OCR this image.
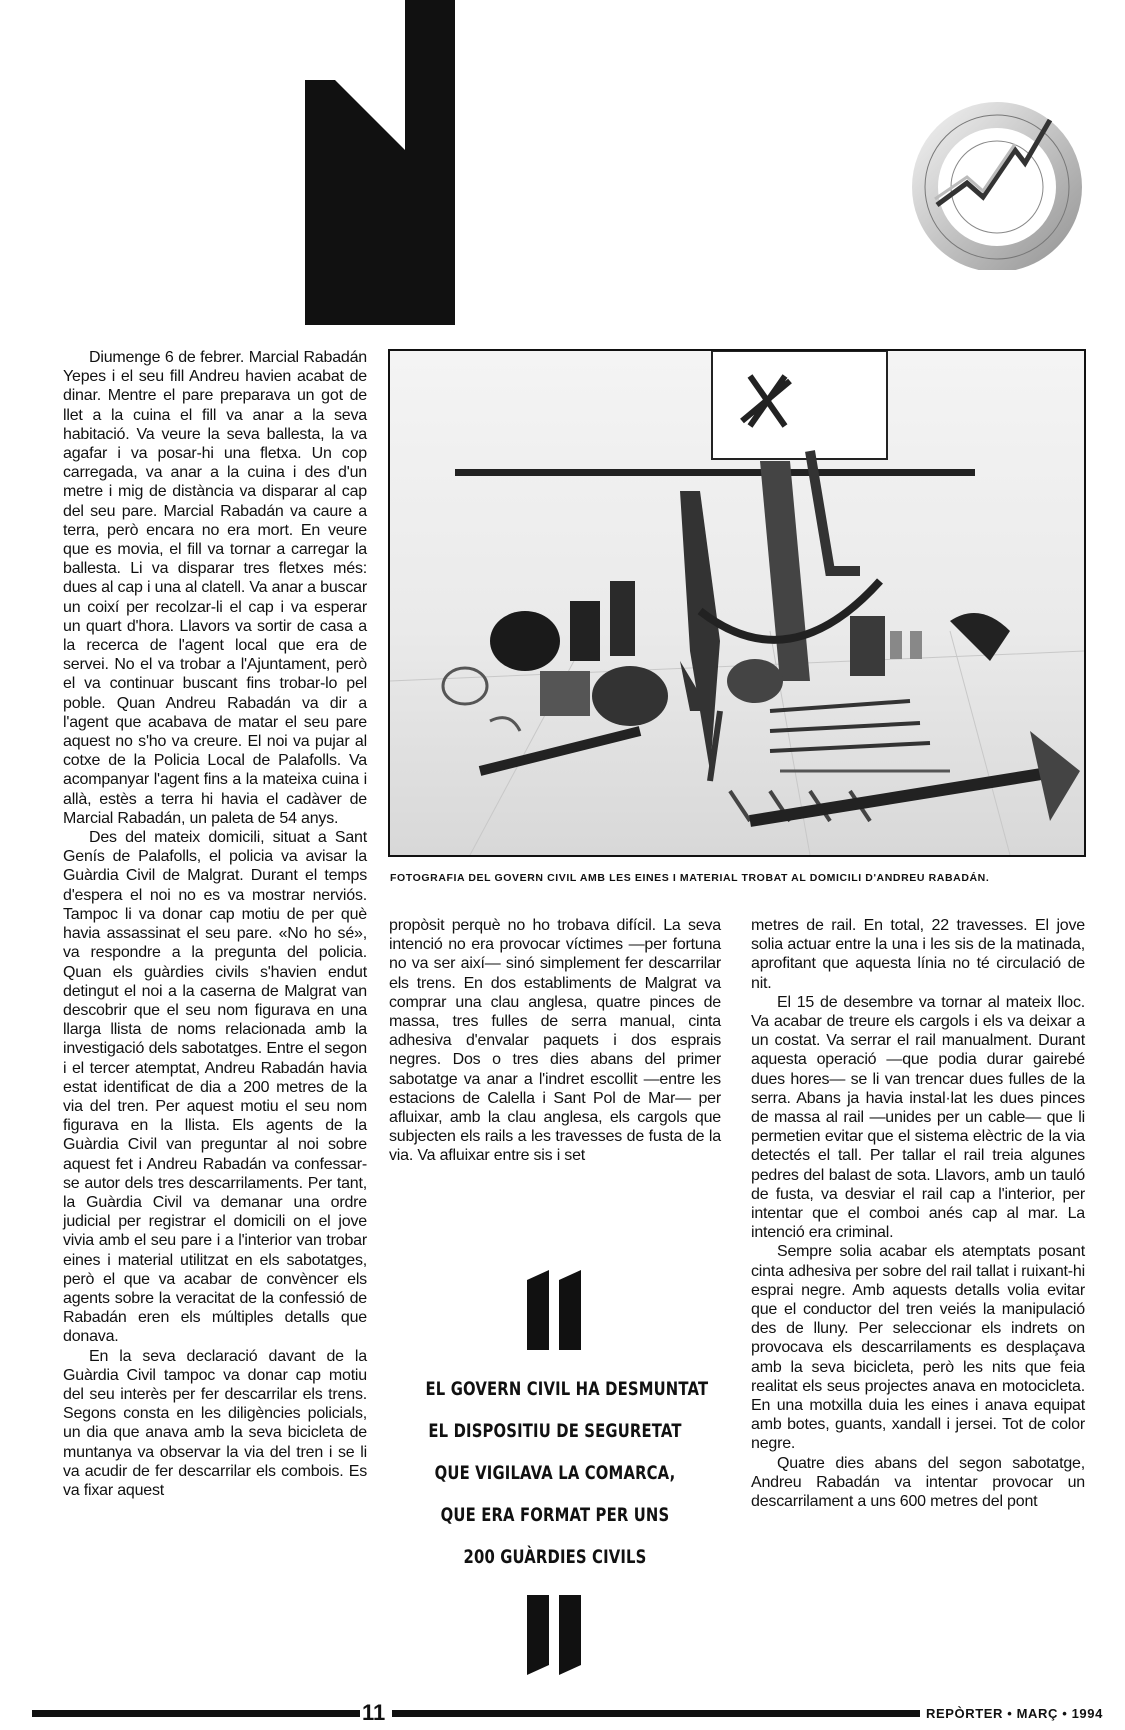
FOTOGRAFIA DEL GOVERN CIVIL AMB LES EINES I MATERIAL TROBAT AL DOMICILI D'ANDREU RABADÁN.

Diumenge 6 de febrer. Marcial Rabadán Yepes i el seu fill Andreu havien acabat de dinar. Mentre el pare preparava un got de llet a la cuina el fill va anar a la seva habitació. Va veure la seva ballesta, la va agafar i va posar-hi una fletxa. Un cop carregada, va anar a la cuina i des d'un metre i mig de distància va disparar al cap del seu pare. Marcial Rabadán va caure a terra, però encara no era mort. En veure que es movia, el fill va tornar a carregar la ballesta. Li va disparar tres fletxes més: dues al cap i una al clatell. Va anar a buscar un coixí per recolzar-li el cap i va esperar un quart d'hora. Llavors va sortir de casa a la recerca de l'agent local que era de servei. No el va trobar a l'Ajuntament, però el va continuar buscant fins trobar-lo pel poble. Quan Andreu Rabadán va dir a l'agent que acabava de matar el seu pare aquest no s'ho va creure. El noi va pujar al cotxe de la Policia Local de Palafolls. Va acompanyar l'agent fins a la mateixa cuina i allà, estès a terra hi havia el cadàver de Marcial Rabadán, un paleta de 54 anys.

Des del mateix domicili, situat a Sant Genís de Palafolls, el policia va avisar la Guàrdia Civil de Malgrat. Durant el temps d'espera el noi no es va mostrar nerviós. Tampoc li va donar cap motiu de per què havia assassinat el seu pare. «No ho sé», va respondre a la pregunta del policia. Quan els guàrdies civils s'havien endut detingut el noi a la caserna de Malgrat van descobrir que el seu nom figurava en una llarga llista de noms relacionada amb la investigació dels sabotatges. Entre el segon i el tercer atemptat, Andreu Rabadán havia estat identificat de dia a 200 metres de la via del tren. Per aquest motiu el seu nom figurava en la llista. Els agents de la Guàrdia Civil van preguntar al noi sobre aquest fet i Andreu Rabadán va confessar-se autor dels tres descarrilaments. Per tant, la Guàrdia Civil va demanar una ordre judicial per registrar el domicili on el jove vivia amb el seu pare i a l'interior van trobar eines i material utilitzat en els sabotatges, però el que va acabar de convèncer els agents sobre la veracitat de la confessió de Rabadán eren els múltiples detalls que donava.

En la seva declaració davant de la Guàrdia Civil tampoc va donar cap motiu del seu interès per fer descarrilar els trens. Segons consta en les diligències policials, un dia que anava amb la seva bicicleta de muntanya va observar la via del tren i se li va acudir de fer descarrilar els combois. Es va fixar aquest

propòsit perquè no ho trobava difícil. La seva intenció no era provocar víctimes —per fortuna no va ser així— sinó simplement fer descarrilar els trens. En dos establiments de Malgrat va comprar una clau anglesa, quatre pinces de massa, tres fulles de serra manual, cinta adhesiva d'envalar paquets i dos esprais negres. Dos o tres dies abans del primer sabotatge va anar a l'indret escollit —entre les estacions de Calella i Sant Pol de Mar— per afluixar, amb la clau anglesa, els cargols que subjecten els rails a les travesses de fusta de la via. Va afluixar entre sis i set

EL GOVERN CIVIL HA DESMUNTAT
EL DISPOSITIU DE SEGURETAT
QUE VIGILAVA LA COMARCA,
QUE ERA FORMAT PER UNS
200 GUÀRDIES CIVILS

metres de rail. En total, 22 travesses. El jove solia actuar entre la una i les sis de la matinada, aprofitant que aquesta línia no té circulació de nit.

El 15 de desembre va tornar al mateix lloc. Va acabar de treure els cargols i els va deixar a un costat. Va serrar el rail manualment. Durant aquesta operació —que podia durar gairebé dues hores— se li van trencar dues fulles de la serra. Abans ja havia instal·lat les dues pinces de massa al rail —unides per un cable— que li permetien evitar que el sistema elèctric de la via detectés el tall. Per tallar el rail treia algunes pedres del balast de sota. Llavors, amb un tauló de fusta, va desviar el rail cap a l'interior, per intentar que el comboi anés cap al mar. La intenció era criminal.

Sempre solia acabar els atemptats posant cinta adhesiva per sobre del rail tallat i ruixant-hi esprai negre. Amb aquests detalls volia evitar que el conductor del tren veiés la manipulació des de lluny. Per seleccionar els indrets on provocava els descarrilaments es desplaçava amb la seva bicicleta, però les nits que feia realitat els seus projectes anava en motocicleta. En una motxilla duia les eines i anava equipat amb botes, guants, xandall i jersei. Tot de color negre.

Quatre dies abans del segon sabotatge, Andreu Rabadán va intentar provocar un descarrilament a uns 600 metres del pont

11	REPÒRTER • MARÇ • 1994
